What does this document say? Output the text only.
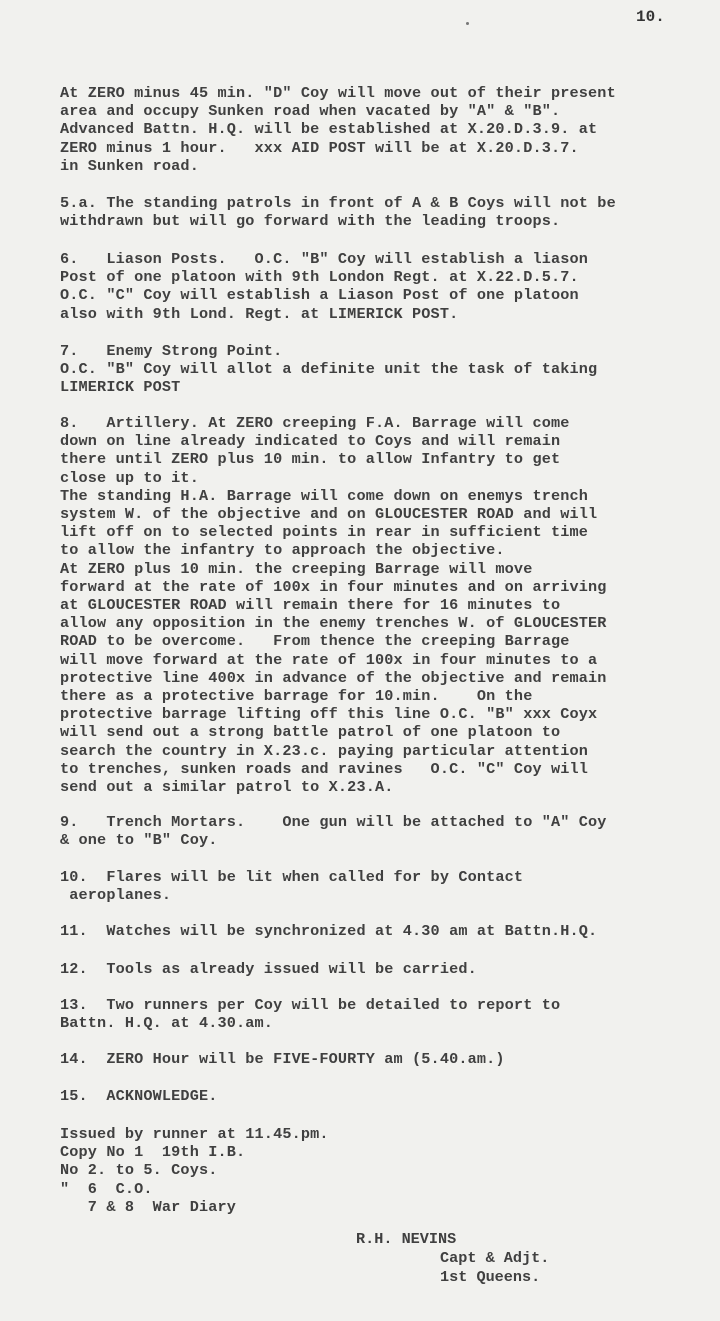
10.
At ZERO minus 45 min. "D" Coy will move out of their present
area and occupy Sunken road when vacated by "A" & "B".
Advanced Battn. H.Q. will be established at X.20.D.3.9. at
ZERO minus 1 hour.   xxx AID POST will be at X.20.D.3.7.
in Sunken road.
5.a. The standing patrols in front of A & B Coys will not be
withdrawn but will go forward with the leading troops.
6.   Liason Posts.   O.C. "B" Coy will establish a liason
Post of one platoon with 9th London Regt. at X.22.D.5.7.
O.C. "C" Coy will establish a Liason Post of one platoon
also with 9th Lond. Regt. at LIMERICK POST.
7.   Enemy Strong Point.
O.C. "B" Coy will allot a definite unit the task of taking
LIMERICK POST
8.   Artillery. At ZERO creeping F.A. Barrage will come
down on line already indicated to Coys and will remain
there until ZERO plus 10 min. to allow Infantry to get
close up to it.
The standing H.A. Barrage will come down on enemys trench
system W. of the objective and on GLOUCESTER ROAD and will
lift off on to selected points in rear in sufficient time
to allow the infantry to approach the objective.
At ZERO plus 10 min. the creeping Barrage will move
forward at the rate of 100x in four minutes and on arriving
at GLOUCESTER ROAD will remain there for 16 minutes to
allow any opposition in the enemy trenches W. of GLOUCESTER
ROAD to be overcome.   From thence the creeping Barrage
will move forward at the rate of 100x in four minutes to a
protective line 400x in advance of the objective and remain
there as a protective barrage for 10.min.    On the
protective barrage lifting off this line O.C. "B" xxx Coyx
will send out a strong battle patrol of one platoon to
search the country in X.23.c. paying particular attention
to trenches, sunken roads and ravines   O.C. "C" Coy will
send out a similar patrol to X.23.A.
9.   Trench Mortars.    One gun will be attached to "A" Coy
& one to "B" Coy.
10.  Flares will be lit when called for by Contact
aeroplanes.
11.  Watches will be synchronized at 4.30 am at Battn.H.Q.
12.  Tools as already issued will be carried.
13.  Two runners per Coy will be detailed to report to
Battn. H.Q. at 4.30.am.
14.  ZERO Hour will be FIVE-FOURTY am (5.40.am.)
15.  ACKNOWLEDGE.
Issued by runner at 11.45.pm.
Copy No 1  19th I.B.
No 2. to 5. Coys.
"  6  C.O.
7 & 8  War Diary
R.H. NEVINS
Capt & Adjt.
1st Queens.
